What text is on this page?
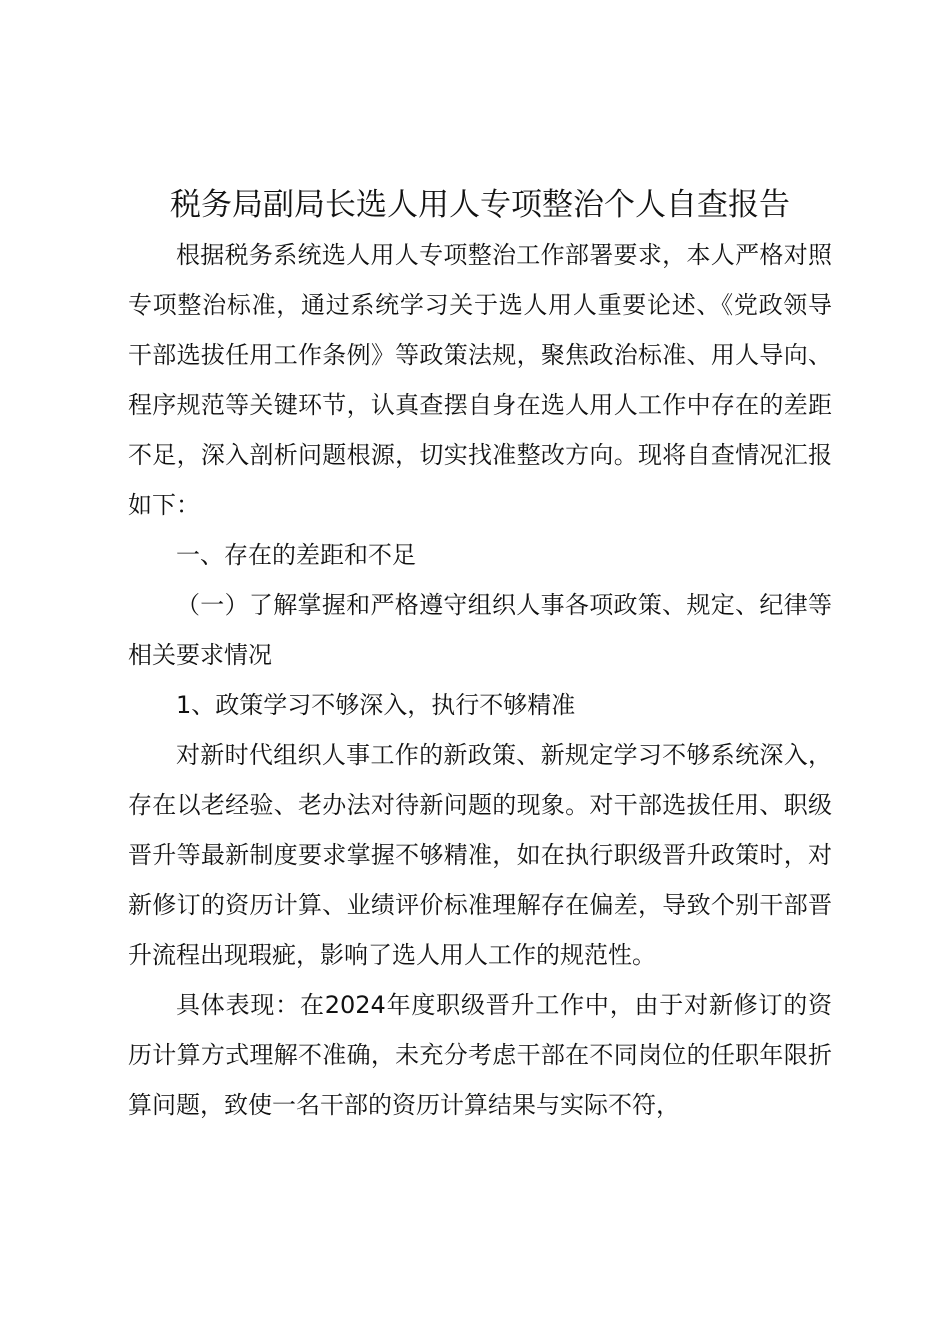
税务局副局长选人用人专项整治个人自查报告

根据税务系统选人用人专项整治工作部署要求，本人严格对照专项整治标准，通过系统学习关于选人用人重要论述、《党政领导干部选拔任用工作条例》等政策法规，聚焦政治标准、用人导向、程序规范等关键环节，认真查摆自身在选人用人工作中存在的差距不足，深入剖析问题根源，切实找准整改方向。现将自查情况汇报如下：

一、存在的差距和不足

（一）了解掌握和严格遵守组织人事各项政策、规定、纪律等相关要求情况

1、政策学习不够深入，执行不够精准

对新时代组织人事工作的新政策、新规定学习不够系统深入，存在以老经验、老办法对待新问题的现象。对干部选拔任用、职级晋升等最新制度要求掌握不够精准，如在执行职级晋升政策时，对新修订的资历计算、业绩评价标准理解存在偏差，导致个别干部晋升流程出现瑕疵，影响了选人用人工作的规范性。

具体表现：在2024年度职级晋升工作中，由于对新修订的资历计算方式理解不准确，未充分考虑干部在不同岗位的任职年限折算问题，致使一名干部的资历计算结果与实际不符，
